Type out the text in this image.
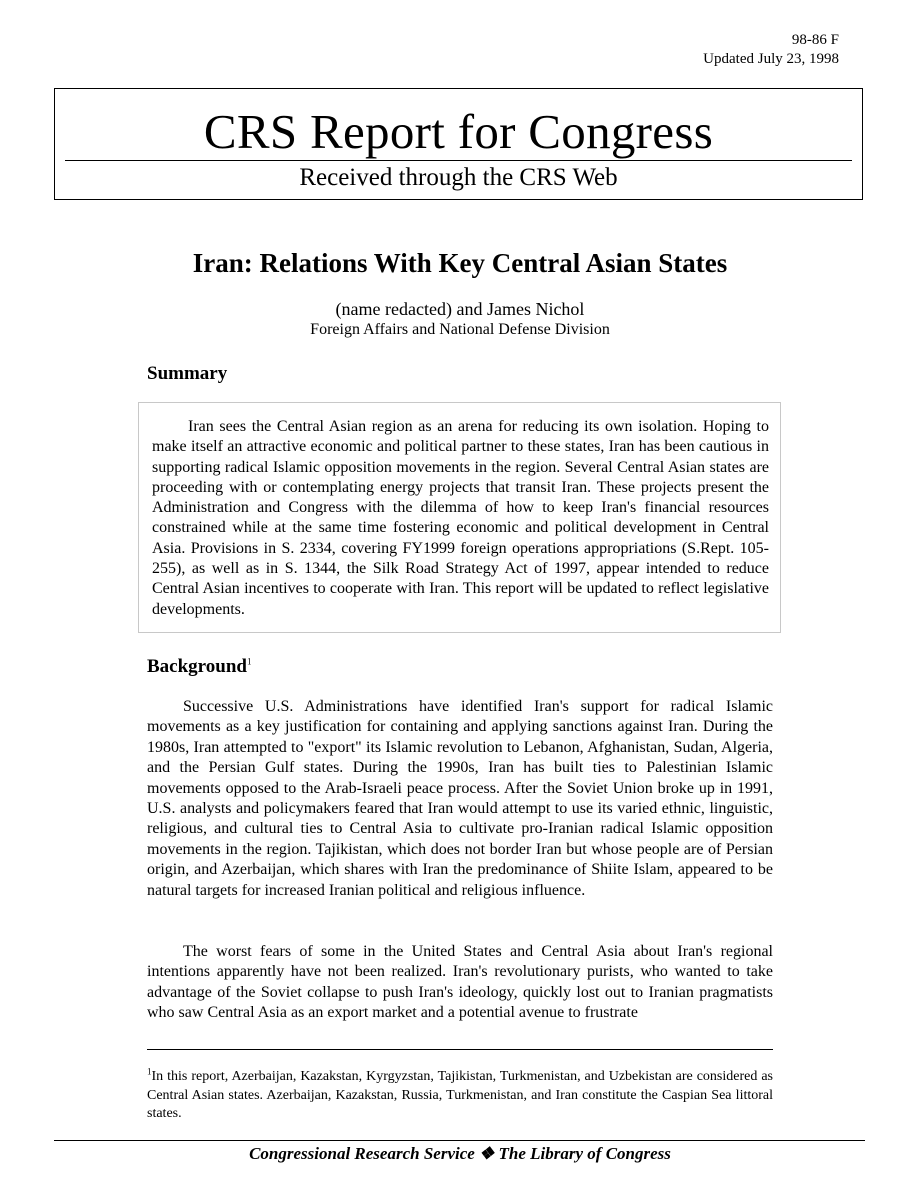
98-86 F
Updated July 23, 1998
CRS Report for Congress
Received through the CRS Web
Iran: Relations With Key Central Asian States
(name redacted) and James Nichol
Foreign Affairs and National Defense Division
Summary

Iran sees the Central Asian region as an arena for reducing its own isolation. Hoping to make itself an attractive economic and political partner to these states, Iran has been cautious in supporting radical Islamic opposition movements in the region. Several Central Asian states are proceeding with or contemplating energy projects that transit Iran. These projects present the Administration and Congress with the dilemma of how to keep Iran's financial resources constrained while at the same time fostering economic and political development in Central Asia. Provisions in S. 2334, covering FY1999 foreign operations appropriations (S.Rept. 105-255), as well as in S. 1344, the Silk Road Strategy Act of 1997, appear intended to reduce Central Asian incentives to cooperate with Iran. This report will be updated to reflect legislative developments.

Background$^1$

Successive U.S. Administrations have identified Iran's support for radical Islamic movements as a key justification for containing and applying sanctions against Iran. During the 1980s, Iran attempted to "export" its Islamic revolution to Lebanon, Afghanistan, Sudan, Algeria, and the Persian Gulf states. During the 1990s, Iran has built ties to Palestinian Islamic movements opposed to the Arab-Israeli peace process. After the Soviet Union broke up in 1991, U.S. analysts and policymakers feared that Iran would attempt to use its varied ethnic, linguistic, religious, and cultural ties to Central Asia to cultivate pro-Iranian radical Islamic opposition movements in the region. Tajikistan, which does not border Iran but whose people are of Persian origin, and Azerbaijan, which shares with Iran the predominance of Shiite Islam, appeared to be natural targets for increased Iranian political and religious influence.

The worst fears of some in the United States and Central Asia about Iran's regional intentions apparently have not been realized. Iran's revolutionary purists, who wanted to take advantage of the Soviet collapse to push Iran's ideology, quickly lost out to Iranian pragmatists who saw Central Asia as an export market and a potential avenue to frustrate

$^1$In this report, Azerbaijan, Kazakstan, Kyrgyzstan, Tajikistan, Turkmenistan, and Uzbekistan are considered as Central Asian states. Azerbaijan, Kazakstan, Russia, Turkmenistan, and Iran constitute the Caspian Sea littoral states.

Congressional Research Service ❖ The Library of Congress
